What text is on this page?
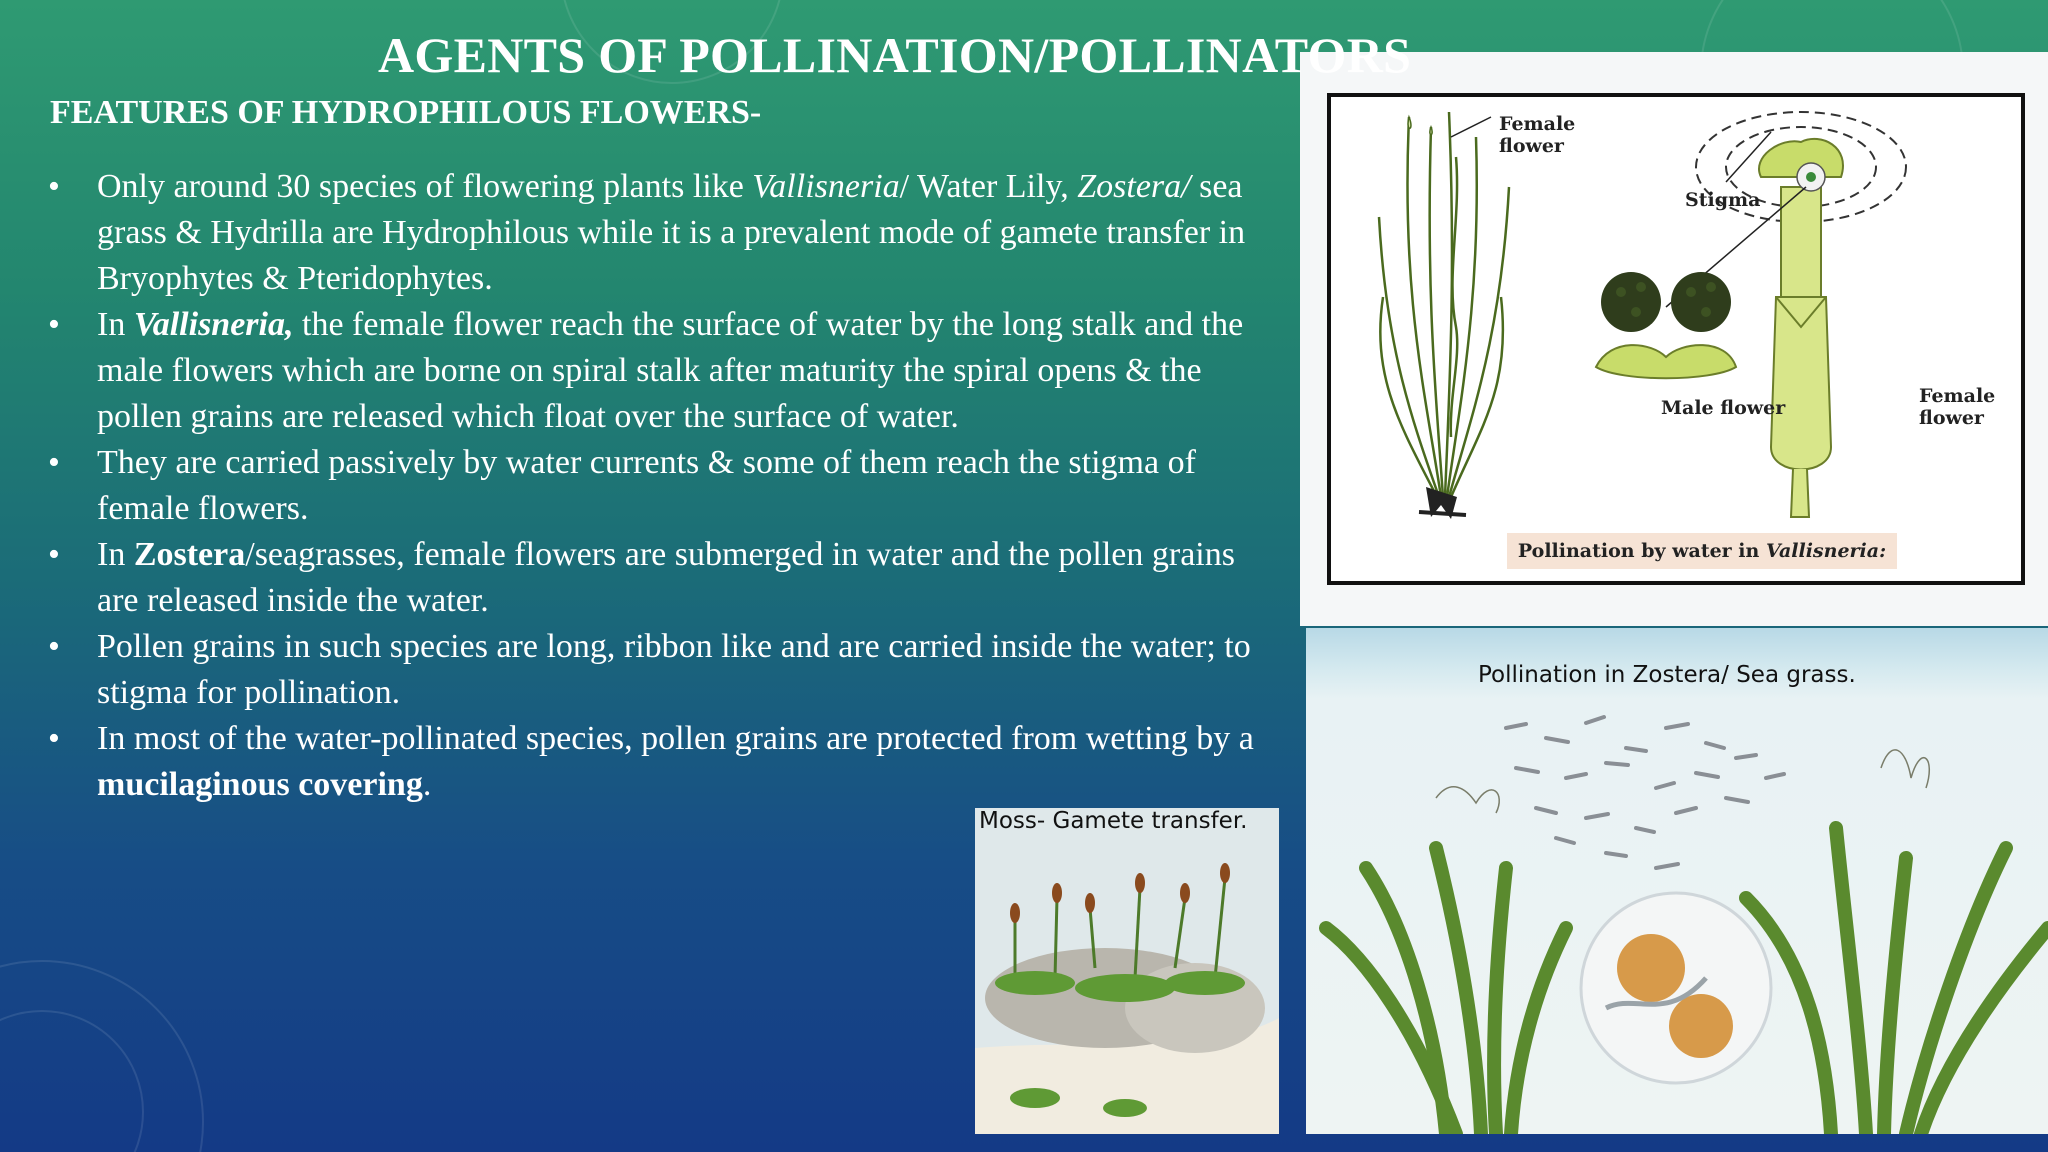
AGENTS OF POLLINATION/POLLINATORS
FEATURES OF HYDROPHILOUS FLOWERS-
• Only around 30 species of flowering plants like Vallisneria/ Water Lily, Zostera/ sea grass & Hydrilla are Hydrophilous while it is a prevalent mode of gamete transfer in Bryophytes & Pteridophytes.
• In Vallisneria, the female flower reach the surface of water by the long stalk and the male flowers which are borne on spiral stalk after maturity the spiral opens & the pollen grains are released which float over the surface of water.
• They are carried passively by water currents & some of them reach the stigma of female flowers.
• In Zostera/seagrasses, female flowers are submerged in water and the pollen grains are released inside the water.
• Pollen grains in such species are long, ribbon like and are carried inside the water; to stigma for pollination.
• In most of the water-pollinated species, pollen grains are protected from wetting by a mucilaginous covering.
Female
flower
Stigma
Male flower
Female
flower
Pollination by water in Vallisneria:
Pollination in Zostera/ Sea grass.
Moss- Gamete transfer.
